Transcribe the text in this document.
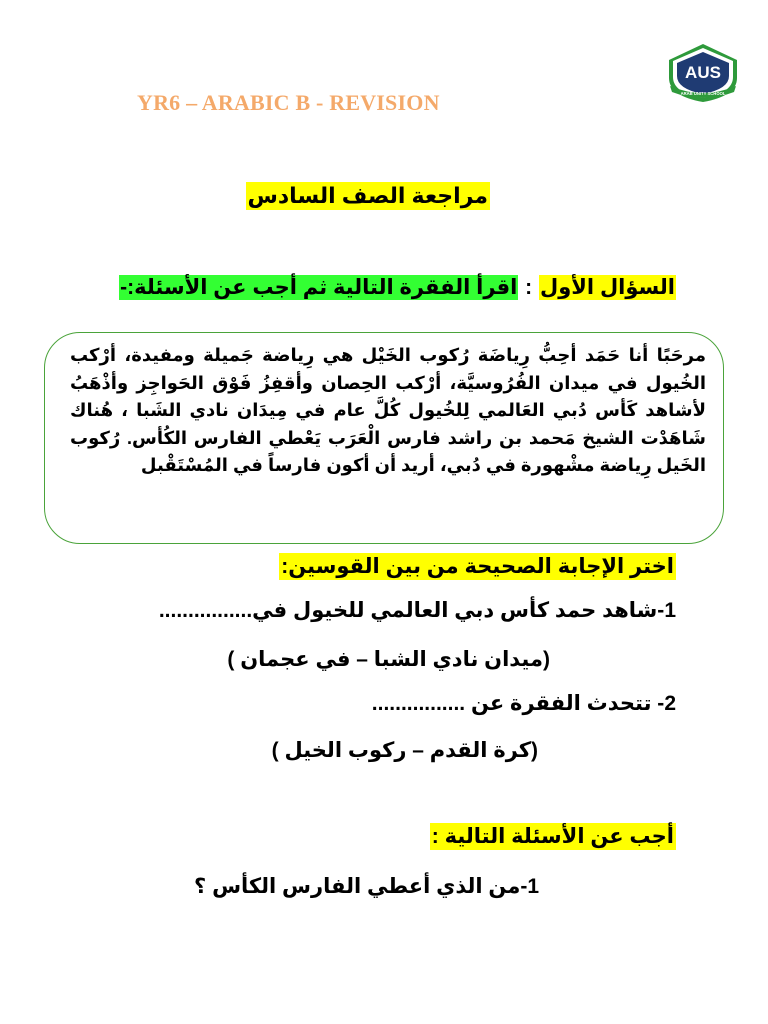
AUS
ARAB UNITY SCHOOL
YR6 – ARABIC B - REVISION
مراجعة الصف السادس
السؤال الأول : اقرأ الفقرة التالية ثم أجب عن الأسئلة:-
مرحَبًا أنا حَمَد أحِبُّ رِياضَة رُكوب الخَيْل هي رِياضة جَميلة ومفيدة، أرْكب الخُيول في ميدان الفُرُوسيَّة، أرْكب الحِصان وأقفِزُ فَوْق الحَواجِز وأذْهَبُ لأشاهد كَأس دُبي العَالمي لِلخُيول كُلَّ عام في مِيدَان نادي الشَبا ، هُناك شَاهَدْت الشيخ مَحمد بن راشد فارس الْعَرَب يَعْطي الفارس الكُأس. رُكوب الخَيل رِياضة مشْهورة في دُبي، أريد أن أكون فارساً في المُسْتَقْبل
اختر الإجابة الصحيحة من بين القوسين:
1-شاهد حمد كأس دبي العالمي للخيول في................
(ميدان نادي الشبا – في عجمان )
2- تتحدث الفقرة عن ................
(كرة القدم – ركوب الخيل )
أجب عن الأسئلة التالية :
1-من الذي أعطي الفارس الكأس ؟
